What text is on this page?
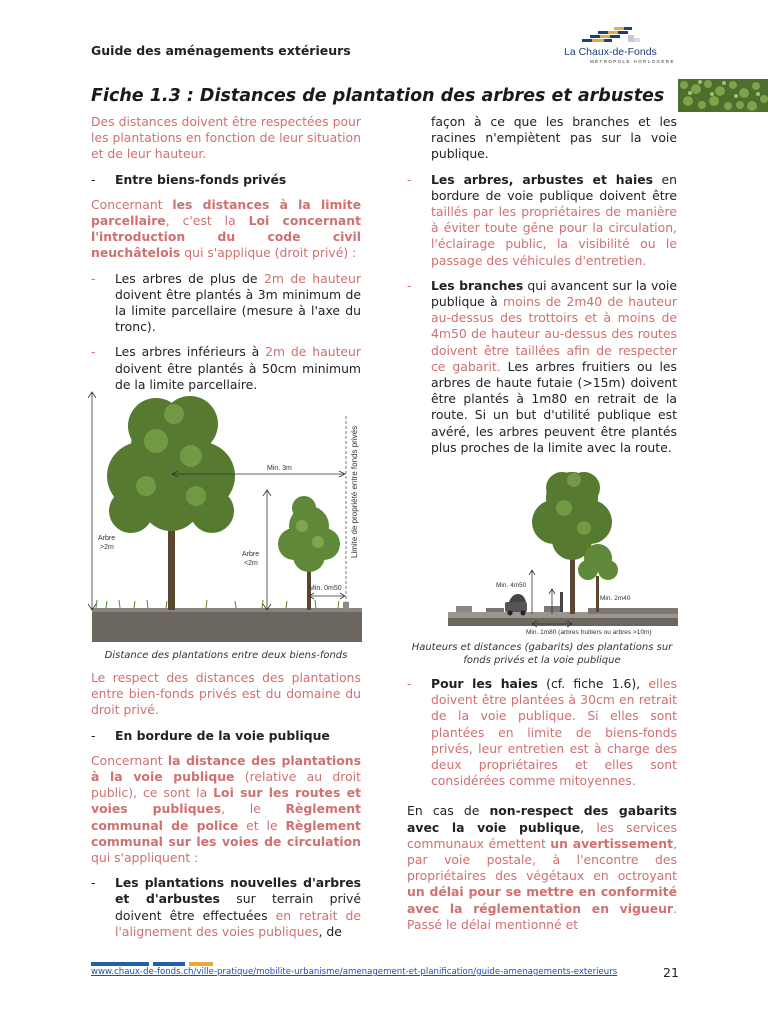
Guide des aménagements extérieurs	La Chaux-de-Fonds
MÉTROPOLE HORLOGÈRE
Fiche 1.3 : Distances de plantation des arbres et arbustes

Des distances doivent être respectées pour les plantations en fonction de leur situation et de leur hauteur.

- Entre biens-fonds privés

Concernant les distances à la limite parcellaire, c'est la Loi concernant l'introduction du code civil neuchâtelois qui s'applique (droit privé) :

- Les arbres de plus de 2m de hauteur doivent être plantés à 3m minimum de la limite parcellaire (mesure à l'axe du tronc).
- Les arbres inférieurs à 2m de hauteur doivent être plantés à 50cm minimum de la limite parcellaire.
Min. 3m
Arbre
>2m
Arbre
<2m
Min. 0m50
Limite de propriété entre fonds privés
Distance des plantations entre deux biens-fonds

Le respect des distances des plantations entre bien-fonds privés est du domaine du droit privé.

- En bordure de la voie publique

Concernant la distance des plantations à la voie publique (relative au droit public), ce sont la Loi sur les routes et voies publiques, le Règlement communal de police et le Règlement communal sur les voies de circulation qui s'appliquent :

- Les plantations nouvelles d'arbres et d'arbustes sur terrain privé doivent être effectuées en retrait de l'alignement des voies publiques, de

façon à ce que les branches et les racines n'empiètent pas sur la voie publique.

- Les arbres, arbustes et haies en bordure de voie publique doivent être taillés par les propriétaires de manière à éviter toute gêne pour la circulation, l'éclairage public, la visibilité ou le passage des véhicules d'entretien.
- Les branches qui avancent sur la voie publique à moins de 2m40 de hauteur au-dessus des trottoirs et à moins de 4m50 de hauteur au-dessus des routes doivent être taillées afin de respecter ce gabarit. Les arbres fruitiers ou les arbres de haute futaie (>15m) doivent être plantés à 1m80 en retrait de la route. Si un but d'utilité publique est avéré, les arbres peuvent être plantés plus proches de la limite avec la route.
Min. 4m50
Min. 2m40
Min. 1m80 (arbres fruitiers ou arbres >10m)
Hauteurs et distances (gabarits) des plantations sur fonds privés et la voie publique
- Pour les haies (cf. fiche 1.6), elles doivent être plantées à 30cm en retrait de la voie publique. Si elles sont plantées en limite de biens-fonds privés, leur entretien est à charge des deux propriétaires et elles sont considérées comme mitoyennes.

En cas de non-respect des gabarits avec la voie publique, les services communaux émettent un avertissement, par voie postale, à l'encontre des propriétaires des végétaux en octroyant un délai pour se mettre en conformité avec la réglementation en vigueur. Passé le délai mentionné et

www.chaux-de-fonds.ch/ville-pratique/mobilite-urbanisme/amenagement-et-planification/guide-amenagements-exterieurs	21
